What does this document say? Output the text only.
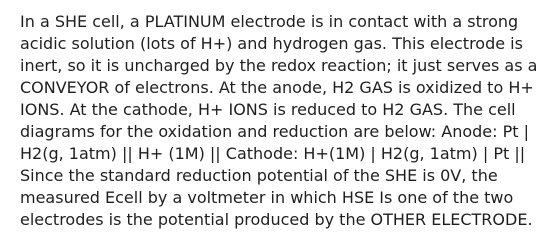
In a SHE cell, a PLATINUM electrode is in contact with a strong
acidic solution (lots of H+) and hydrogen gas. This electrode is
inert, so it is uncharged by the redox reaction; it just serves as a
CONVEYOR of electrons. At the anode, H2 GAS is oxidized to H+
IONS. At the cathode, H+ IONS is reduced to H2 GAS. The cell
diagrams for the oxidation and reduction are below: Anode: Pt |
H2(g, 1atm) || H+ (1M) || Cathode: H+(1M) | H2(g, 1atm) | Pt ||
Since the standard reduction potential of the SHE is 0V, the
measured Ecell by a voltmeter in which HSE Is one of the two
electrodes is the potential produced by the OTHER ELECTRODE.
